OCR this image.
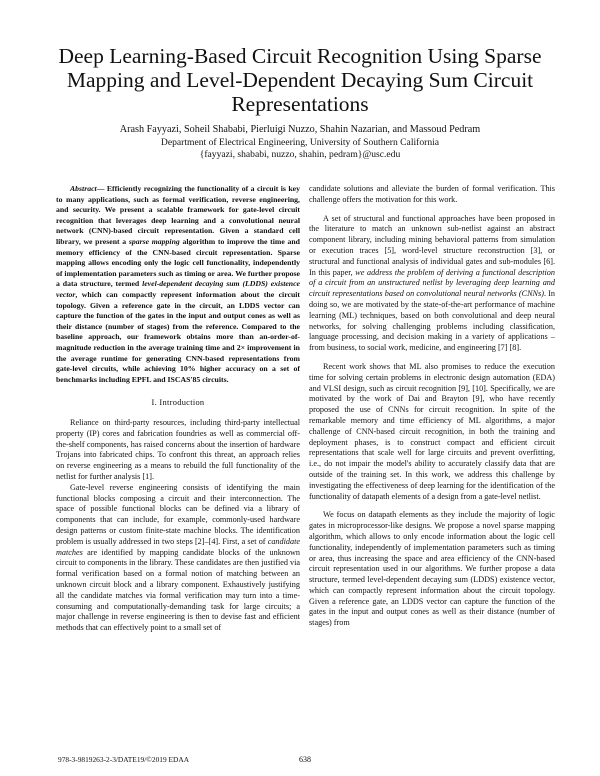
Deep Learning-Based Circuit Recognition Using Sparse Mapping and Level-Dependent Decaying Sum Circuit Representations
Arash Fayyazi, Soheil Shababi, Pierluigi Nuzzo, Shahin Nazarian, and Massoud Pedram
Department of Electrical Engineering, University of Southern California
{fayyazi, shababi, nuzzo, shahin, pedram}@usc.edu

Abstract— Efficiently recognizing the functionality of a circuit is key to many applications, such as formal verification, reverse engineering, and security. We present a scalable framework for gate-level circuit recognition that leverages deep learning and a convolutional neural network (CNN)-based circuit representation. Given a standard cell library, we present a sparse mapping algorithm to improve the time and memory efficiency of the CNN-based circuit representation. Sparse mapping allows encoding only the logic cell functionality, independently of implementation parameters such as timing or area. We further propose a data structure, termed level-dependent decaying sum (LDDS) existence vector, which can compactly represent information about the circuit topology. Given a reference gate in the circuit, an LDDS vector can capture the function of the gates in the input and output cones as well as their distance (number of stages) from the reference. Compared to the baseline approach, our framework obtains more than an-order-of-magnitude reduction in the average training time and 2× improvement in the average runtime for generating CNN-based representations from gate-level circuits, while achieving 10% higher accuracy on a set of benchmarks including EPFL and ISCAS'85 circuits.

I. Introduction

Reliance on third-party resources, including third-party intellectual property (IP) cores and fabrication foundries as well as commercial off-the-shelf components, has raised concerns about the insertion of hardware Trojans into fabricated chips. To confront this threat, an approach relies on reverse engineering as a means to rebuild the full functionality of the netlist for further analysis [1].

Gate-level reverse engineering consists of identifying the main functional blocks composing a circuit and their interconnection. The space of possible functional blocks can be defined via a library of components that can include, for example, commonly-used hardware design patterns or custom finite-state machine blocks. The identification problem is usually addressed in two steps [2]–[4]. First, a set of candidate matches are identified by mapping candidate blocks of the unknown circuit to components in the library. These candidates are then justified via formal verification based on a formal notion of matching between an unknown circuit block and a library component. Exhaustively justifying all the candidate matches via formal verification may turn into a time-consuming and computationally-demanding task for large circuits; a major challenge in reverse engineering is then to devise fast and efficient methods that can effectively point to a small set of

candidate solutions and alleviate the burden of formal verification. This challenge offers the motivation for this work.

A set of structural and functional approaches have been proposed in the literature to match an unknown sub-netlist against an abstract component library, including mining behavioral patterns from simulation or execution traces [5], word-level structure reconstruction [3], or structural and functional analysis of individual gates and sub-modules [6]. In this paper, we address the problem of deriving a functional description of a circuit from an unstructured netlist by leveraging deep learning and circuit representations based on convolutional neural networks (CNNs). In doing so, we are motivated by the state-of-the-art performance of machine learning (ML) techniques, based on both convolutional and deep neural networks, for solving challenging problems including classification, language processing, and decision making in a variety of applications – from business, to social work, medicine, and engineering [7] [8].

Recent work shows that ML also promises to reduce the execution time for solving certain problems in electronic design automation (EDA) and VLSI design, such as circuit recognition [9], [10]. Specifically, we are motivated by the work of Dai and Brayton [9], who have recently proposed the use of CNNs for circuit recognition. In spite of the remarkable memory and time efficiency of ML algorithms, a major challenge of CNN-based circuit recognition, in both the training and deployment phases, is to construct compact and efficient circuit representations that scale well for large circuits and prevent overfitting, i.e., do not impair the model's ability to accurately classify data that are outside of the training set. In this work, we address this challenge by investigating the effectiveness of deep learning for the identification of the functionality of datapath elements of a design from a gate-level netlist.

We focus on datapath elements as they include the majority of logic gates in microprocessor-like designs. We propose a novel sparse mapping algorithm, which allows to only encode information about the logic cell functionality, independently of implementation parameters such as timing or area, thus increasing the space and area efficiency of the CNN-based circuit representation used in our algorithms. We further propose a data structure, termed level-dependent decaying sum (LDDS) existence vector, which can compactly represent information about the circuit topology. Given a reference gate, an LDDS vector can capture the function of the gates in the input and output cones as well as their distance (number of stages) from

978-3-9819263-2-3/DATE19/©2019 EDAA	638
